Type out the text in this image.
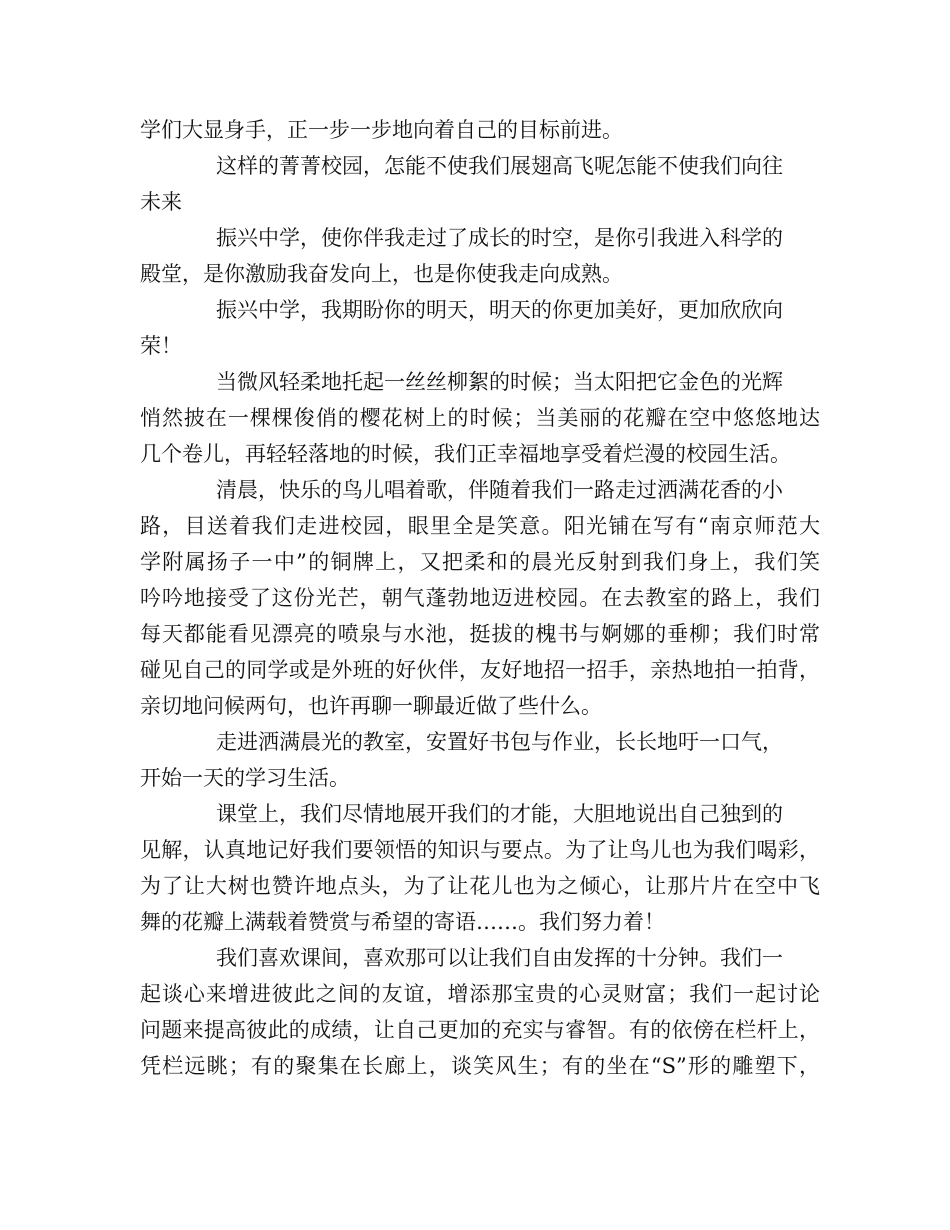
学们大显身手，正一步一步地向着自己的目标前进。
这样的菁菁校园，怎能不使我们展翅高飞呢怎能不使我们向往
未来
振兴中学，使你伴我走过了成长的时空，是你引我进入科学的
殿堂，是你激励我奋发向上，也是你使我走向成熟。
振兴中学，我期盼你的明天，明天的你更加美好，更加欣欣向
荣！
当微风轻柔地托起一丝丝柳絮的时候；当太阳把它金色的光辉
悄然披在一棵棵俊俏的樱花树上的时候；当美丽的花瓣在空中悠悠地达
几个卷儿，再轻轻落地的时候，我们正幸福地享受着烂漫的校园生活。
清晨，快乐的鸟儿唱着歌，伴随着我们一路走过洒满花香的小
路，目送着我们走进校园，眼里全是笑意。阳光铺在写有“南京师范大
学附属扬子一中”的铜牌上，又把柔和的晨光反射到我们身上，我们笑
吟吟地接受了这份光芒，朝气蓬勃地迈进校园。在去教室的路上，我们
每天都能看见漂亮的喷泉与水池，挺拔的槐书与婀娜的垂柳；我们时常
碰见自己的同学或是外班的好伙伴，友好地招一招手，亲热地拍一拍背，
亲切地问候两句，也许再聊一聊最近做了些什么。
走进洒满晨光的教室，安置好书包与作业，长长地吁一口气，
开始一天的学习生活。
课堂上，我们尽情地展开我们的才能，大胆地说出自己独到的
见解，认真地记好我们要领悟的知识与要点。为了让鸟儿也为我们喝彩，
为了让大树也赞许地点头，为了让花儿也为之倾心，让那片片在空中飞
舞的花瓣上满载着赞赏与希望的寄语……。我们努力着！
我们喜欢课间，喜欢那可以让我们自由发挥的十分钟。我们一
起谈心来增进彼此之间的友谊，增添那宝贵的心灵财富；我们一起讨论
问题来提高彼此的成绩，让自己更加的充实与睿智。有的依傍在栏杆上，
凭栏远眺；有的聚集在长廊上，谈笑风生；有的坐在“S”形的雕塑下，
